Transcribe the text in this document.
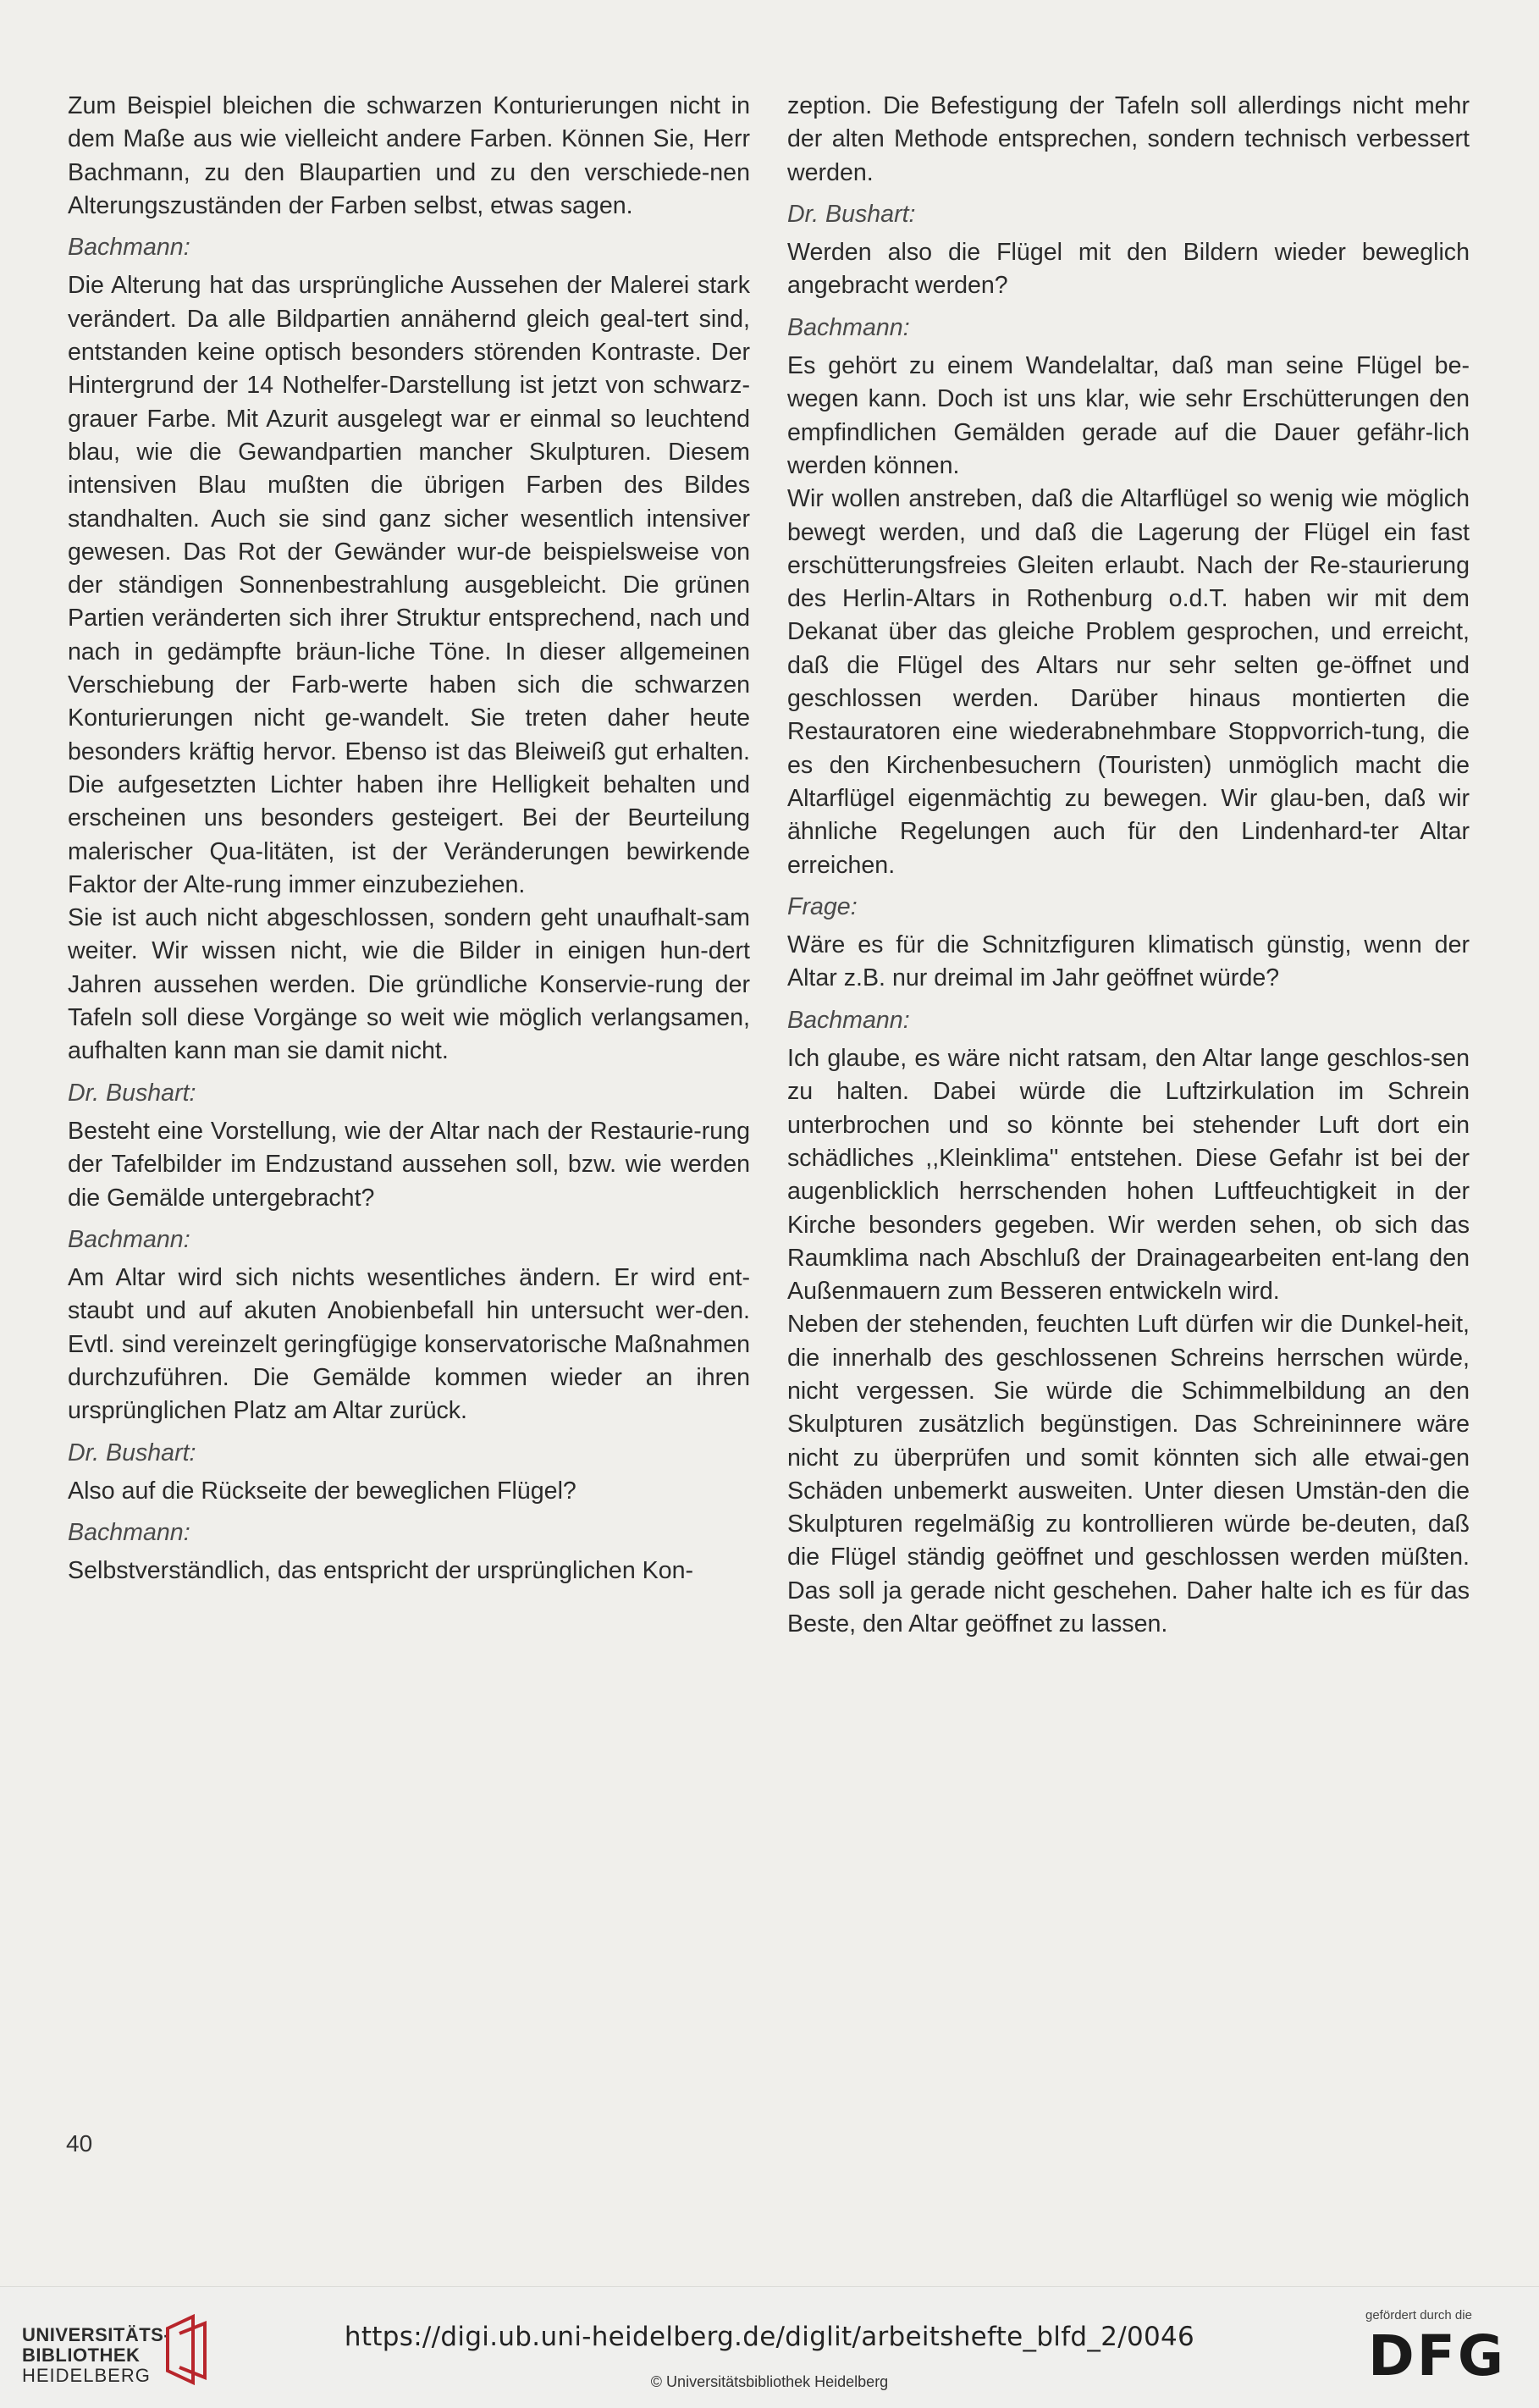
Zum Beispiel bleichen die schwarzen Konturierungen nicht in dem Maße aus wie vielleicht andere Farben. Können Sie, Herr Bachmann, zu den Blaupartien und zu den verschiede-nen Alterungszuständen der Farben selbst, etwas sagen.

Bachmann:

Die Alterung hat das ursprüngliche Aussehen der Malerei stark verändert. Da alle Bildpartien annähernd gleich geal-tert sind, entstanden keine optisch besonders störenden Kontraste. Der Hintergrund der 14 Nothelfer-Darstellung ist jetzt von schwarz-grauer Farbe. Mit Azurit ausgelegt war er einmal so leuchtend blau, wie die Gewandpartien mancher Skulpturen. Diesem intensiven Blau mußten die übrigen Farben des Bildes standhalten. Auch sie sind ganz sicher wesentlich intensiver gewesen. Das Rot der Gewänder wur-de beispielsweise von der ständigen Sonnenbestrahlung ausgebleicht. Die grünen Partien veränderten sich ihrer Struktur entsprechend, nach und nach in gedämpfte bräun-liche Töne. In dieser allgemeinen Verschiebung der Farb-werte haben sich die schwarzen Konturierungen nicht ge-wandelt. Sie treten daher heute besonders kräftig hervor. Ebenso ist das Bleiweiß gut erhalten. Die aufgesetzten Lichter haben ihre Helligkeit behalten und erscheinen uns besonders gesteigert. Bei der Beurteilung malerischer Qua-litäten, ist der Veränderungen bewirkende Faktor der Alte-rung immer einzubeziehen.

Sie ist auch nicht abgeschlossen, sondern geht unaufhalt-sam weiter. Wir wissen nicht, wie die Bilder in einigen hun-dert Jahren aussehen werden. Die gründliche Konservie-rung der Tafeln soll diese Vorgänge so weit wie möglich verlangsamen, aufhalten kann man sie damit nicht.

Dr. Bushart:

Besteht eine Vorstellung, wie der Altar nach der Restaurie-rung der Tafelbilder im Endzustand aussehen soll, bzw. wie werden die Gemälde untergebracht?

Bachmann:

Am Altar wird sich nichts wesentliches ändern. Er wird ent-staubt und auf akuten Anobienbefall hin untersucht wer-den. Evtl. sind vereinzelt geringfügige konservatorische Maßnahmen durchzuführen. Die Gemälde kommen wieder an ihren ursprünglichen Platz am Altar zurück.

Dr. Bushart:

Also auf die Rückseite der beweglichen Flügel?

Bachmann:

Selbstverständlich, das entspricht der ursprünglichen Kon-

zeption. Die Befestigung der Tafeln soll allerdings nicht mehr der alten Methode entsprechen, sondern technisch verbessert werden.

Dr. Bushart:

Werden also die Flügel mit den Bildern wieder beweglich angebracht werden?

Bachmann:

Es gehört zu einem Wandelaltar, daß man seine Flügel be-wegen kann. Doch ist uns klar, wie sehr Erschütterungen den empfindlichen Gemälden gerade auf die Dauer gefähr-lich werden können.

Wir wollen anstreben, daß die Altarflügel so wenig wie möglich bewegt werden, und daß die Lagerung der Flügel ein fast erschütterungsfreies Gleiten erlaubt. Nach der Re-staurierung des Herlin-Altars in Rothenburg o.d.T. haben wir mit dem Dekanat über das gleiche Problem gesprochen, und erreicht, daß die Flügel des Altars nur sehr selten ge-öffnet und geschlossen werden. Darüber hinaus montierten die Restauratoren eine wiederabnehmbare Stoppvorrich-tung, die es den Kirchenbesuchern (Touristen) unmöglich macht die Altarflügel eigenmächtig zu bewegen. Wir glau-ben, daß wir ähnliche Regelungen auch für den Lindenhard-ter Altar erreichen.

Frage:

Wäre es für die Schnitzfiguren klimatisch günstig, wenn der Altar z.B. nur dreimal im Jahr geöffnet würde?

Bachmann:

Ich glaube, es wäre nicht ratsam, den Altar lange geschlos-sen zu halten. Dabei würde die Luftzirkulation im Schrein unterbrochen und so könnte bei stehender Luft dort ein schädliches ,,Kleinklima'' entstehen. Diese Gefahr ist bei der augenblicklich herrschenden hohen Luftfeuchtigkeit in der Kirche besonders gegeben. Wir werden sehen, ob sich das Raumklima nach Abschluß der Drainagearbeiten ent-lang den Außenmauern zum Besseren entwickeln wird.

Neben der stehenden, feuchten Luft dürfen wir die Dunkel-heit, die innerhalb des geschlossenen Schreins herrschen würde, nicht vergessen. Sie würde die Schimmelbildung an den Skulpturen zusätzlich begünstigen. Das Schreininnere wäre nicht zu überprüfen und somit könnten sich alle etwai-gen Schäden unbemerkt ausweiten. Unter diesen Umstän-den die Skulpturen regelmäßig zu kontrollieren würde be-deuten, daß die Flügel ständig geöffnet und geschlossen werden müßten. Das soll ja gerade nicht geschehen. Daher halte ich es für das Beste, den Altar geöffnet zu lassen.

40
UNIVERSITÄTS-
BIBLIOTHEK
HEIDELBERG
https://digi.ub.uni-heidelberg.de/diglit/arbeitshefte_blfd_2/0046
© Universitätsbibliothek Heidelberg
gefördert durch die
DFG
